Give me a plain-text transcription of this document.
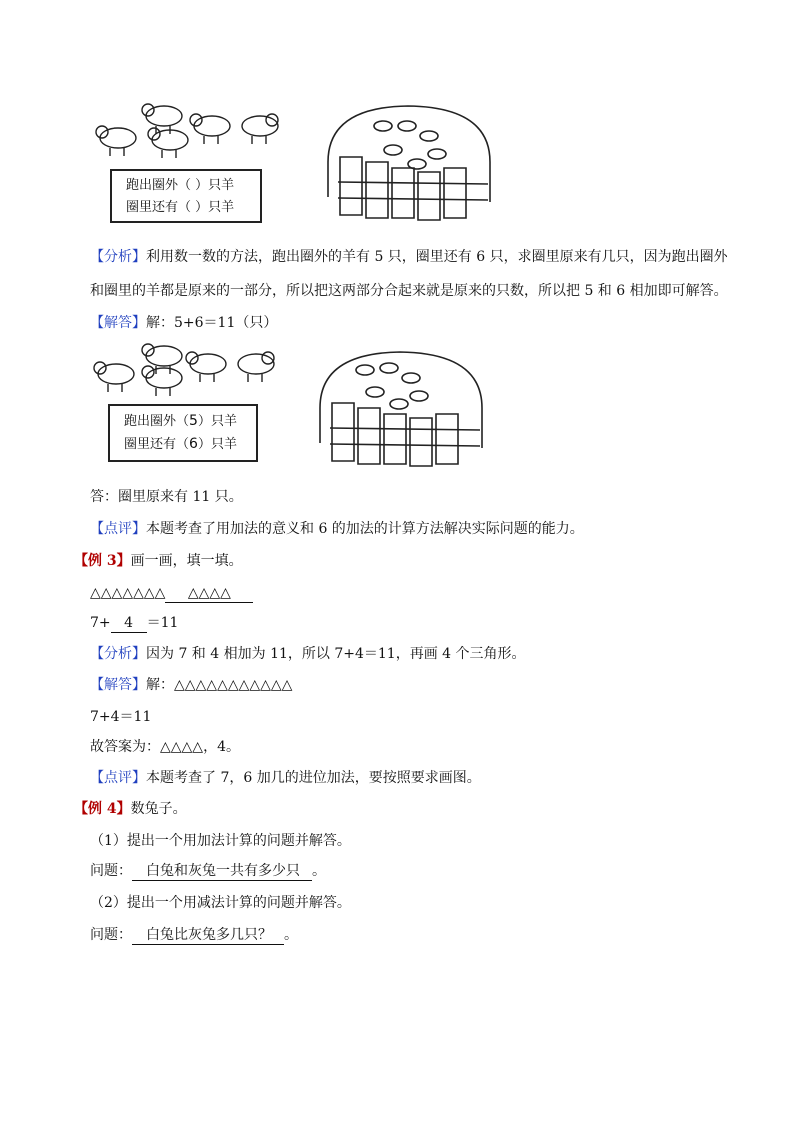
跑出圈外（ ）只羊
圈里还有（ ）只羊
【分析】利用数一数的方法，跑出圈外的羊有 5 只，圈里还有 6 只，求圈里原来有几只，因为跑出圈外
和圈里的羊都是原来的一部分，所以把这两部分合起来就是原来的只数，所以把 5 和 6 相加即可解答。
【解答】解：5+6＝11（只）
跑出圈外（5）只羊
圈里还有（6）只羊
答：圈里原来有 11 只。
【点评】本题考查了用加法的意义和 6 的加法的计算方法解决实际问题的能力。
【例 3】画一画，填一填。
△△△△△△△ △△△△
7+ 4 ＝11
【分析】因为 7 和 4 相加为 11，所以 7+4＝11，再画 4 个三角形。
【解答】解：△△△△△△△△△△△
7+4＝11
故答案为：△△△△，4。
【点评】本题考查了 7，6 加几的进位加法，要按照要求画图。
【例 4】数兔子。
（1）提出一个用加法计算的问题并解答。
问题： 白兔和灰兔一共有多少只 。
（2）提出一个用减法计算的问题并解答。
问题： 白兔比灰兔多几只？ 。
